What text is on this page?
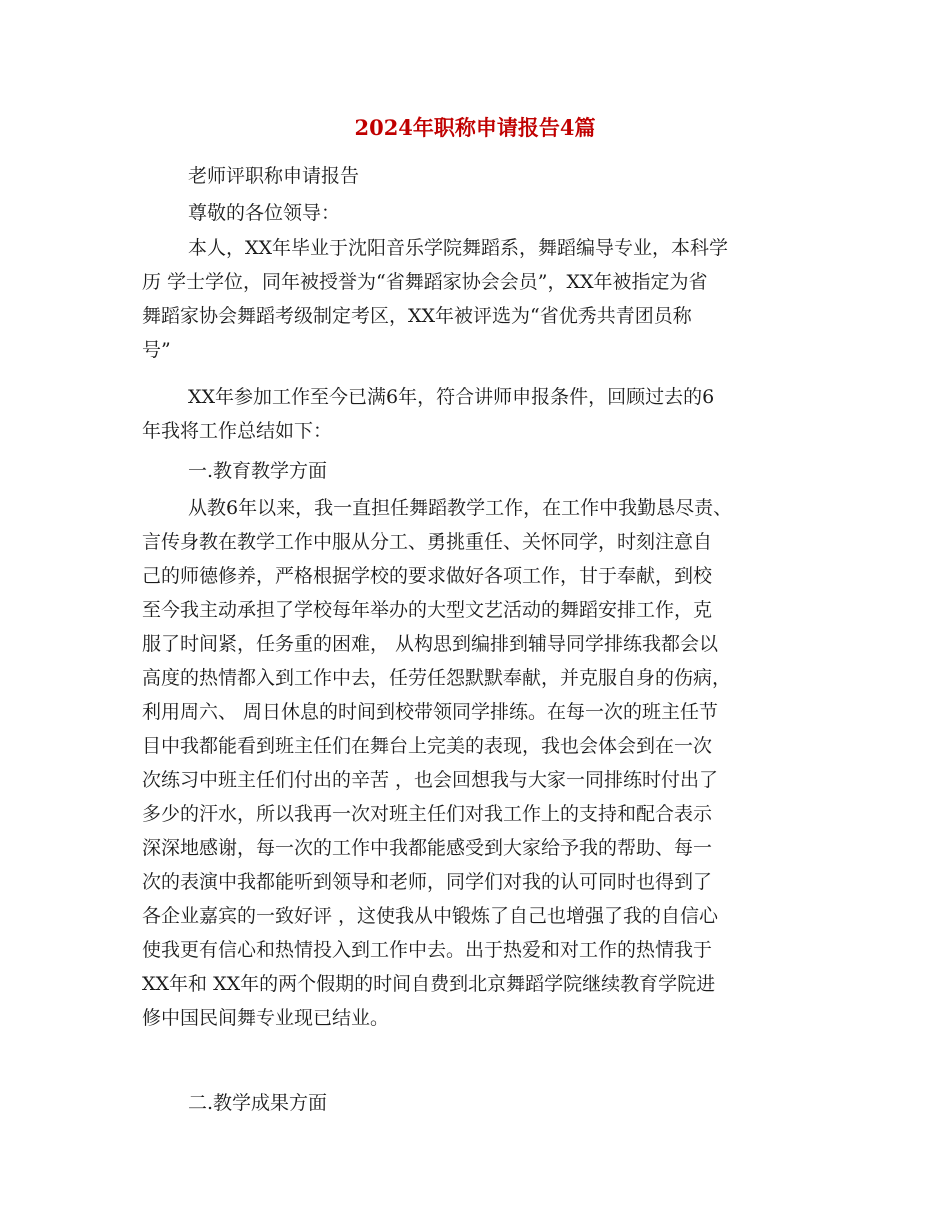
2024年职称申请报告4篇

老师评职称申请报告

尊敬的各位领导：

本人，XX年毕业于沈阳音乐学院舞蹈系，舞蹈编导专业，本科学
历 学士学位，同年被授誉为“省舞蹈家协会会员”，XX年被指定为省
舞蹈家协会舞蹈考级制定考区，XX年被评选为“省优秀共青团员称
号”

XX年参加工作至今已满6年，符合讲师申报条件，回顾过去的6
年我将工作总结如下：

一.教育教学方面

从教6年以来，我一直担任舞蹈教学工作，在工作中我勤恳尽责、
言传身教在教学工作中服从分工、勇挑重任、关怀同学，时刻注意自
己的师德修养，严格根据学校的要求做好各项工作，甘于奉献，到校
至今我主动承担了学校每年举办的大型文艺活动的舞蹈安排工作，克
服了时间紧，任务重的困难， 从构思到编排到辅导同学排练我都会以
高度的热情都入到工作中去，任劳任怨默默奉献，并克服自身的伤病，
利用周六、 周日休息的时间到校带领同学排练。在每一次的班主任节
目中我都能看到班主任们在舞台上完美的表现，我也会体会到在一次
次练习中班主任们付出的辛苦 ，也会回想我与大家一同排练时付出了
多少的汗水，所以我再一次对班主任们对我工作上的支持和配合表示
深深地感谢，每一次的工作中我都能感受到大家给予我的帮助、每一
次的表演中我都能听到领导和老师，同学们对我的认可同时也得到了
各企业嘉宾的一致好评 ，这使我从中锻炼了自己也增强了我的自信心
使我更有信心和热情投入到工作中去。出于热爱和对工作的热情我于
XX年和 XX年的两个假期的时间自费到北京舞蹈学院继续教育学院进
修中国民间舞专业现已结业。

二.教学成果方面
